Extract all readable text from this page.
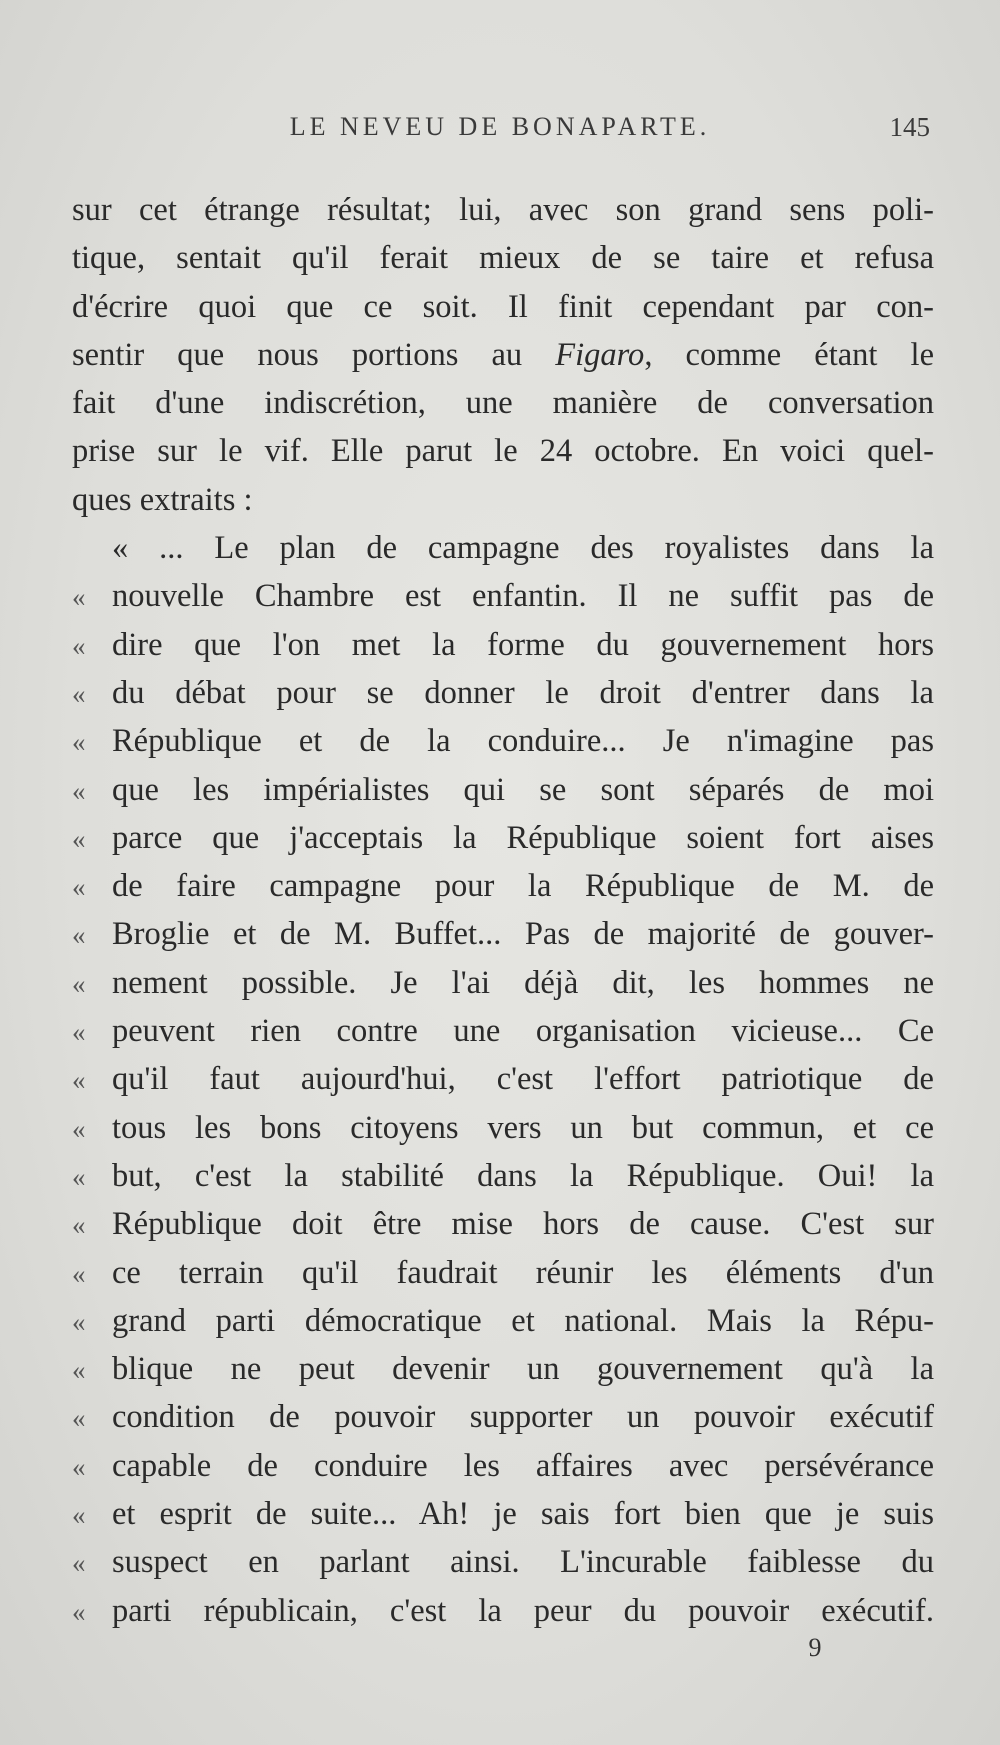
LE NEVEU DE BONAPARTE.	145
sur cet étrange résultat; lui, avec son grand sens poli-
tique, sentait qu'il ferait mieux de se taire et refusa
d'écrire quoi que ce soit. Il finit cependant par con-
sentir que nous portions au Figaro, comme étant le
fait d'une indiscrétion, une manière de conversation
prise sur le vif. Elle parut le 24 octobre. En voici quel-
ques extraits :
« ... Le plan de campagne des royalistes dans la
« nouvelle Chambre est enfantin. Il ne suffit pas de
« dire que l'on met la forme du gouvernement hors
« du débat pour se donner le droit d'entrer dans la
« République et de la conduire... Je n'imagine pas
« que les impérialistes qui se sont séparés de moi
« parce que j'acceptais la République soient fort aises
« de faire campagne pour la République de M. de
« Broglie et de M. Buffet... Pas de majorité de gouver-
« nement possible. Je l'ai déjà dit, les hommes ne
« peuvent rien contre une organisation vicieuse... Ce
« qu'il faut aujourd'hui, c'est l'effort patriotique de
« tous les bons citoyens vers un but commun, et ce
« but, c'est la stabilité dans la République. Oui! la
« République doit être mise hors de cause. C'est sur
« ce terrain qu'il faudrait réunir les éléments d'un
« grand parti démocratique et national. Mais la Répu-
« blique ne peut devenir un gouvernement qu'à la
« condition de pouvoir supporter un pouvoir exécutif
« capable de conduire les affaires avec persévérance
« et esprit de suite... Ah! je sais fort bien que je suis
« suspect en parlant ainsi. L'incurable faiblesse du
« parti républicain, c'est la peur du pouvoir exécutif.
9
